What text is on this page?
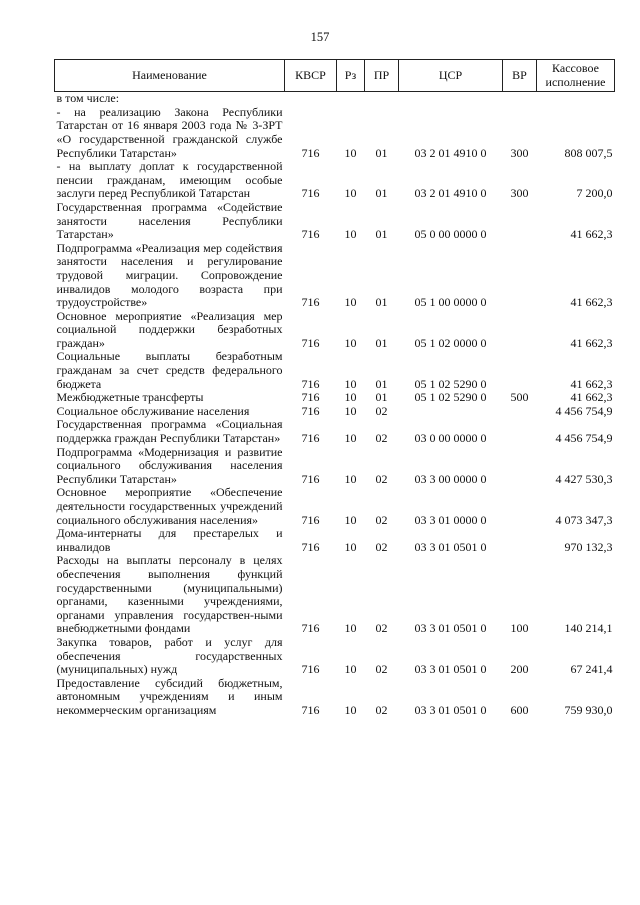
157
Наименование	КВСР	Рз	ПР	ЦСР	ВР	Кассовое исполнение
в том числе:						
- на реализацию Закона Республики Татарстан от 16 января 2003 года № 3-ЗРТ «О государственной гражданской службе Республики Татарстан»	716	10	01	03 2 01 4910 0	300	808 007,5
- на выплату доплат к государственной пенсии гражданам, имеющим особые заслуги перед Республикой Татарстан	716	10	01	03 2 01 4910 0	300	7 200,0
Государственная программа «Содействие занятости населения Республики Татарстан»	716	10	01	05 0 00 0000 0		41 662,3
Подпрограмма «Реализация мер содействия занятости населения и регулирование трудовой миграции. Сопровождение инвалидов молодого возраста при трудоустройстве»	716	10	01	05 1 00 0000 0		41 662,3
Основное мероприятие «Реализация мер социальной поддержки безработных граждан»	716	10	01	05 1 02 0000 0		41 662,3
Социальные выплаты безработным гражданам за счет средств федерального бюджета	716	10	01	05 1 02 5290 0		41 662,3
Межбюджетные трансферты	716	10	01	05 1 02 5290 0	500	41 662,3
Социальное обслуживание населения	716	10	02			4 456 754,9
Государственная программа «Социальная поддержка граждан Республики Татарстан»	716	10	02	03 0 00 0000 0		4 456 754,9
Подпрограмма «Модернизация и развитие социального обслуживания населения Республики Татарстан»	716	10	02	03 3 00 0000 0		4 427 530,3
Основное мероприятие «Обеспечение деятельности государственных учреждений социального обслуживания населения»	716	10	02	03 3 01 0000 0		4 073 347,3
Дома-интернаты для престарелых и инвалидов	716	10	02	03 3 01 0501 0		970 132,3
Расходы на выплаты персоналу в целях обеспечения выполнения функций государственными (муниципальными) органами, казенными учреждениями, органами управления государствен-ными внебюджетными фондами	716	10	02	03 3 01 0501 0	100	140 214,1
Закупка товаров, работ и услуг для обеспечения государственных (муниципальных) нужд	716	10	02	03 3 01 0501 0	200	67 241,4
Предоставление субсидий бюджетным, автономным учреждениям и иным некоммерческим организациям	716	10	02	03 3 01 0501 0	600	759 930,0
